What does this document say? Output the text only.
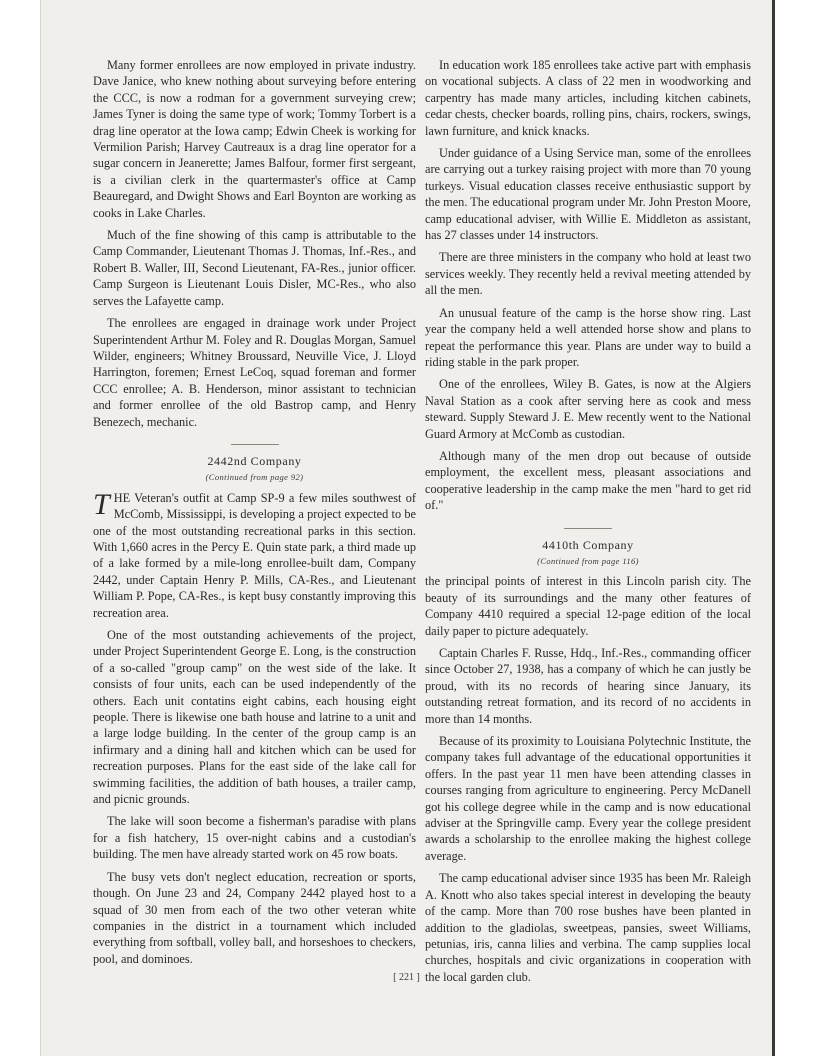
Many former enrollees are now employed in private industry. Dave Janice, who knew nothing about surveying before entering the CCC, is now a rodman for a government surveying crew; James Tyner is doing the same type of work; Tommy Torbert is a drag line operator at the Iowa camp; Edwin Cheek is working for Vermilion Parish; Harvey Cautreaux is a drag line operator for a sugar concern in Jeanerette; James Balfour, former first sergeant, is a civilian clerk in the quartermaster's office at Camp Beauregard, and Dwight Shows and Earl Boynton are working as cooks in Lake Charles.

Much of the fine showing of this camp is attributable to the Camp Commander, Lieutenant Thomas J. Thomas, Inf.-Res., and Robert B. Waller, III, Second Lieutenant, FA-Res., junior officer. Camp Surgeon is Lieutenant Louis Disler, MC-Res., who also serves the Lafayette camp.

The enrollees are engaged in drainage work under Project Superintendent Arthur M. Foley and R. Douglas Morgan, Samuel Wilder, engineers; Whitney Broussard, Neuville Vice, J. Lloyd Harrington, foremen; Ernest LeCoq, squad foreman and former CCC enrollee; A. B. Henderson, minor assistant to technician and former enrollee of the old Bastrop camp, and Henry Benezech, mechanic.

2442nd Company
(Continued from page 92)

T HE Veteran's outfit at Camp SP-9 a few miles southwest of McComb, Mississippi, is developing a project expected to be one of the most outstanding recreational parks in this section. With 1,660 acres in the Percy E. Quin state park, a third made up of a lake formed by a mile-long enrollee-built dam, Company 2442, under Captain Henry P. Mills, CA-Res., and Lieutenant William P. Pope, CA-Res., is kept busy constantly improving this recreation area.

One of the most outstanding achievements of the project, under Project Superintendent George E. Long, is the construction of a so-called "group camp" on the west side of the lake. It consists of four units, each can be used independently of the others. Each unit contatins eight cabins, each housing eight people. There is likewise one bath house and latrine to a unit and a large lodge building. In the center of the group camp is an infirmary and a dining hall and kitchen which can be used for recreation purposes. Plans for the east side of the lake call for swimming facilities, the addition of bath houses, a trailer camp, and picnic grounds.

The lake will soon become a fisherman's paradise with plans for a fish hatchery, 15 over-night cabins and a custodian's building. The men have already started work on 45 row boats.

The busy vets don't neglect education, recreation or sports, though. On June 23 and 24, Company 2442 played host to a squad of 30 men from each of the two other veteran white companies in the district in a tournament which included everything from softball, volley ball, and horseshoes to checkers, pool, and dominoes.

In education work 185 enrollees take active part with emphasis on vocational subjects. A class of 22 men in woodworking and carpentry has made many articles, including kitchen cabinets, cedar chests, checker boards, rolling pins, chairs, rockers, swings, lawn furniture, and knick knacks.

Under guidance of a Using Service man, some of the enrollees are carrying out a turkey raising project with more than 70 young turkeys. Visual education classes receive enthusiastic support by the men. The educational program under Mr. John Preston Moore, camp educational adviser, with Willie E. Middleton as assistant, has 27 classes under 14 instructors.

There are three ministers in the company who hold at least two services weekly. They recently held a revival meeting attended by all the men.

An unusual feature of the camp is the horse show ring. Last year the company held a well attended horse show and plans to repeat the performance this year. Plans are under way to build a riding stable in the park proper.

One of the enrollees, Wiley B. Gates, is now at the Algiers Naval Station as a cook after serving here as cook and mess steward. Supply Steward J. E. Mew recently went to the National Guard Armory at McComb as custodian.

Although many of the men drop out because of outside employment, the excellent mess, pleasant associations and cooperative leadership in the camp make the men "hard to get rid of."

4410th Company
(Continued from page 116)

the principal points of interest in this Lincoln parish city. The beauty of its surroundings and the many other features of Company 4410 required a special 12-page edition of the local daily paper to picture adequately.

Captain Charles F. Russe, Hdq., Inf.-Res., commanding officer since October 27, 1938, has a company of which he can justly be proud, with its no records of hearing since January, its outstanding retreat formation, and its record of no accidents in more than 14 months.

Because of its proximity to Louisiana Polytechnic Institute, the company takes full advantage of the educational opportunities it offers. In the past year 11 men have been attending classes in courses ranging from agriculture to engineering. Percy McDanell got his college degree while in the camp and is now educational adviser at the Springville camp. Every year the college president awards a scholarship to the enrollee making the highest college average.

The camp educational adviser since 1935 has been Mr. Raleigh A. Knott who also takes special interest in developing the beauty of the camp. More than 700 rose bushes have been planted in addition to the gladiolas, sweetpeas, pansies, sweet Williams, petunias, iris, canna lilies and verbina. The camp supplies local churches, hospitals and civic organizations in cooperation with the local garden club.

[ 221 ]
